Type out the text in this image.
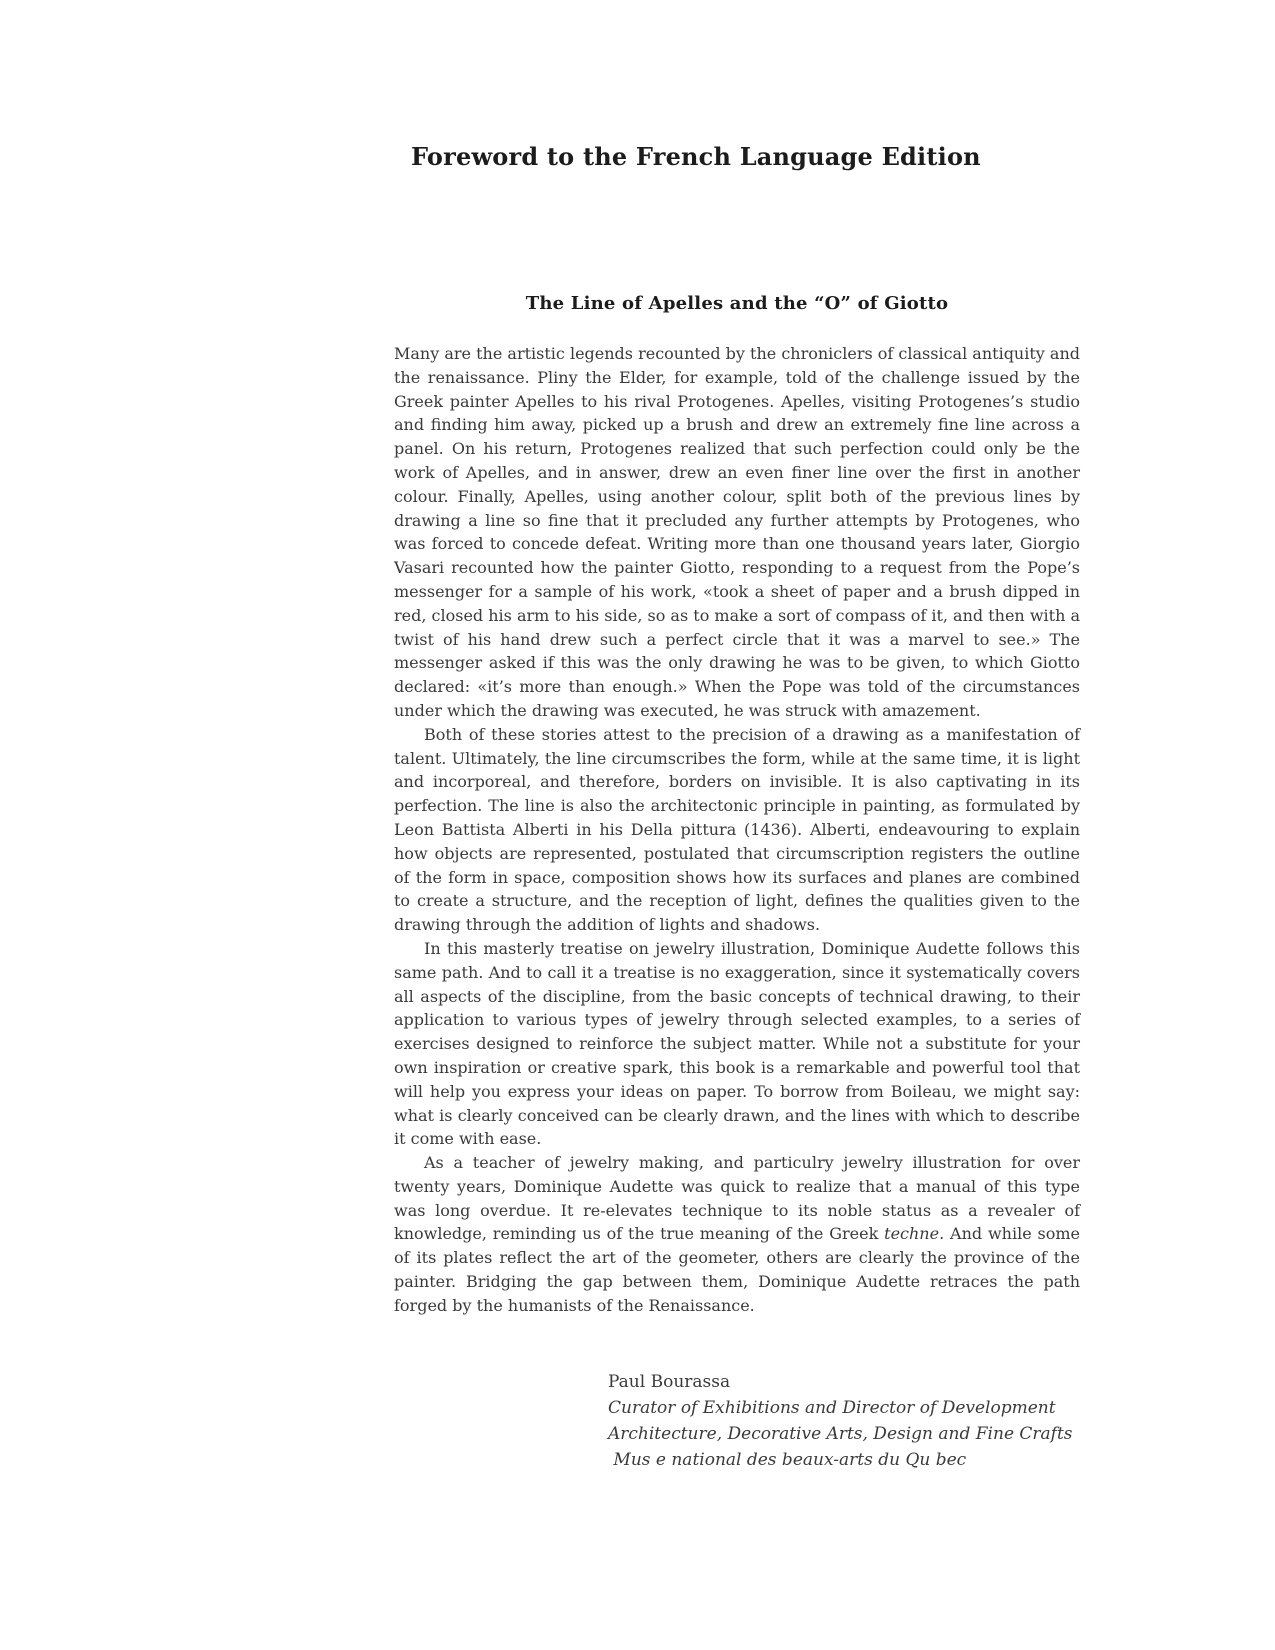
Foreword to the French Language Edition
The Line of Apelles and the “O” of Giotto

Many are the artistic legends recounted by the chroniclers of classical antiquity and the renaissance. Pliny the Elder, for example, told of the challenge issued by the Greek painter Apelles to his rival Protogenes. Apelles, visiting Protogenes’s studio and finding him away, picked up a brush and drew an extremely fine line across a panel. On his return, Protogenes realized that such perfection could only be the work of Apelles, and in answer, drew an even finer line over the first in another colour. Finally, Apelles, using another colour, split both of the previous lines by drawing a line so fine that it precluded any further attempts by Protogenes, who was forced to concede defeat. Writing more than one thousand years later, Giorgio Vasari recounted how the painter Giotto, responding to a request from the Pope’s messenger for a sample of his work, «took a sheet of paper and a brush dipped in red, closed his arm to his side, so as to make a sort of compass of it, and then with a twist of his hand drew such a perfect circle that it was a marvel to see.» The messenger asked if this was the only drawing he was to be given, to which Giotto declared: «it’s more than enough.» When the Pope was told of the circumstances under which the drawing was executed, he was struck with amazement.

Both of these stories attest to the precision of a drawing as a manifestation of talent. Ultimately, the line circumscribes the form, while at the same time, it is light and incorporeal, and therefore, borders on invisible. It is also captivating in its perfection. The line is also the architectonic principle in painting, as formulated by Leon Battista Alberti in his Della pittura (1436). Alberti, endeavouring to explain how objects are represented, postulated that circumscription registers the outline of the form in space, composition shows how its surfaces and planes are combined to create a structure, and the reception of light, defines the qualities given to the drawing through the addition of lights and shadows.

In this masterly treatise on jewelry illustration, Dominique Audette follows this same path. And to call it a treatise is no exaggeration, since it systematically covers all aspects of the discipline, from the basic concepts of technical drawing, to their application to various types of jewelry through selected examples, to a series of exercises designed to reinforce the subject matter. While not a substitute for your own inspiration or creative spark, this book is a remarkable and powerful tool that will help you express your ideas on paper. To borrow from Boileau, we might say: what is clearly conceived can be clearly drawn, and the lines with which to describe it come with ease.

As a teacher of jewelry making, and particulry jewelry illustration for over twenty years, Dominique Audette was quick to realize that a manual of this type was long overdue. It re-elevates technique to its noble status as a revealer of knowledge, reminding us of the true meaning of the Greek techne. And while some of its plates reflect the art of the geometer, others are clearly the province of the painter. Bridging the gap between them, Dominique Audette retraces the path forged by the humanists of the Renaissance.

Paul Bourassa
Curator of Exhibitions and Director of Development
Architecture, Decorative Arts, Design and Fine Crafts
Mus e national des beaux-arts du Qu bec
